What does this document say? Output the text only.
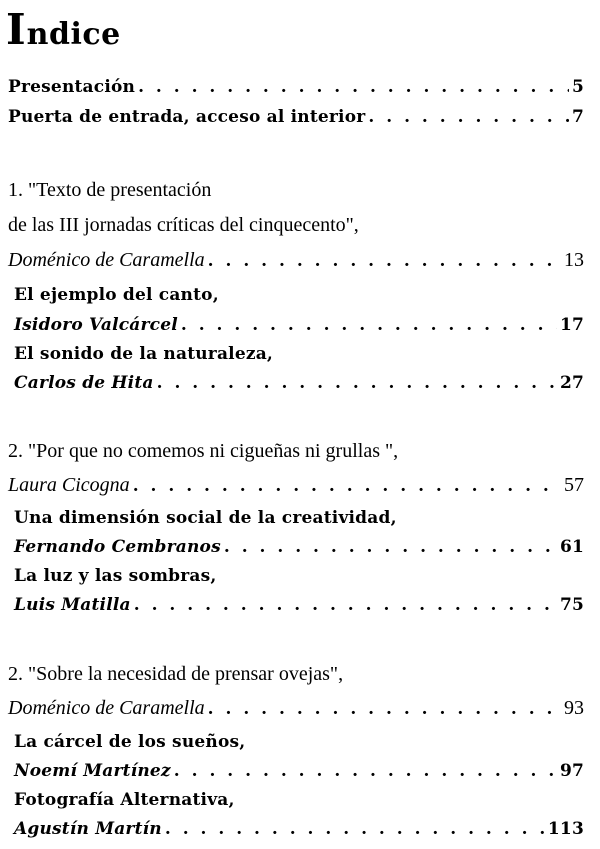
Indice
Presentación . . .	5
Puerta de entrada, acceso al interior . . .	7
1. "Texto de presentación
de las III jornadas críticas del cinquecento",
Doménico de Caramella . . .	13
El ejemplo del canto,
Isidoro Valcárcel . . .	17
El sonido de la naturaleza,
Carlos de Hita . . .	27
2. "Por que no comemos ni cigueñas ni grullas ",
Laura Cicogna . . .	57
Una dimensión social de la creatividad,
Fernando Cembranos . . .	61
La luz y las sombras,
Luis Matilla . . .	75
2. "Sobre la necesidad de prensar ovejas",
Doménico de Caramella . . .	93
La cárcel de los sueños,
Noemí Martínez . . .	97
Fotografía Alternativa,
Agustín Martín . . .	113
